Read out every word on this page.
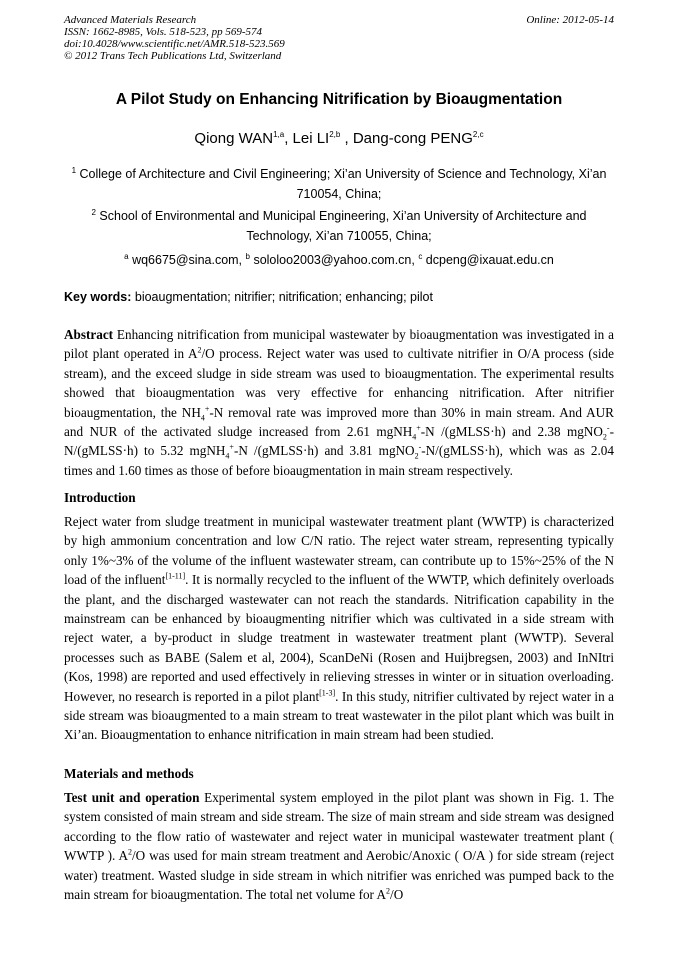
Advanced Materials Research
ISSN: 1662-8985, Vols. 518-523, pp 569-574
doi:10.4028/www.scientific.net/AMR.518-523.569
© 2012 Trans Tech Publications Ltd, Switzerland
Online: 2012-05-14
A Pilot Study on Enhancing Nitrification by Bioaugmentation
Qiong WAN$^{1,a}$, Lei LI$^{2,b}$ , Dang-cong PENG$^{2,c}$
$^1$ College of Architecture and Civil Engineering; Xi’an University of Science and Technology, Xi’an 710054, China;
$^2$ School of Environmental and Municipal Engineering, Xi’an University of Architecture and Technology, Xi’an 710055, China;
$^a$ wq6675@sina.com, $^b$ sololoo2003@yahoo.com.cn, $^c$ dcpeng@ixauat.edu.cn
Key words: bioaugmentation; nitrifier; nitrification; enhancing; pilot
Abstract Enhancing nitrification from municipal wastewater by bioaugmentation was investigated in a pilot plant operated in $A^2/O$ process. Reject water was used to cultivate nitrifier in O/A process (side stream), and the exceed sludge in side stream was used to bioaugmentation. The experimental results showed that bioaugmentation was very effective for enhancing nitrification. After nitrifier bioaugmentation, the $NH_4^+-N$ removal rate was improved more than 30% in main stream. And AUR and NUR of the activated sludge increased from 2.61 mgNH$_4$+-N /(gMLSS·h) and 2.38 mgNO$_2$--N/(gMLSS·h) to 5.32 mgNH$_4$+-N /(gMLSS·h) and 3.81 mgNO$_2$--N/(gMLSS·h), which was as 2.04 times and 1.60 times as those of before bioaugmentation in main stream respectively.
Introduction
Reject water from sludge treatment in municipal wastewater treatment plant (WWTP) is characterized by high ammonium concentration and low C/N ratio. The reject water stream, representing typically only 1%~3% of the volume of the influent wastewater stream, can contribute up to 15%~25% of the N load of the influent[1-11]. It is normally recycled to the influent of the WWTP, which definitely overloads the plant, and the discharged wastewater can not reach the standards. Nitrification capability in the mainstream can be enhanced by bioaugmenting nitrifier which was cultivated in a side stream with reject water, a by-product in sludge treatment in wastewater treatment plant (WWTP). Several processes such as BABE (Salem et al, 2004), ScanDeNi (Rosen and Huijbregsen, 2003) and InNItri (Kos, 1998) are reported and used effectively in relieving stresses in winter or in situation overloading. However, no research is reported in a pilot plant[1-3]. In this study, nitrifier cultivated by reject water in a side stream was bioaugmented to a main stream to treat wastewater in the pilot plant which was built in Xi’an. Bioaugmentation to enhance nitrification in main stream had been studied.
Materials and methods
Test unit and operation Experimental system employed in the pilot plant was shown in Fig. 1. The system consisted of main stream and side stream. The size of main stream and side stream was designed according to the flow ratio of wastewater and reject water in municipal wastewater treatment plant ( WWTP ). $A^2/O$ was used for main stream treatment and Aerobic/Anoxic ( O/A ) for side stream (reject water) treatment. Wasted sludge in side stream in which nitrifier was enriched was pumped back to the main stream for bioaugmentation. The total net volume for $A^2/O$
